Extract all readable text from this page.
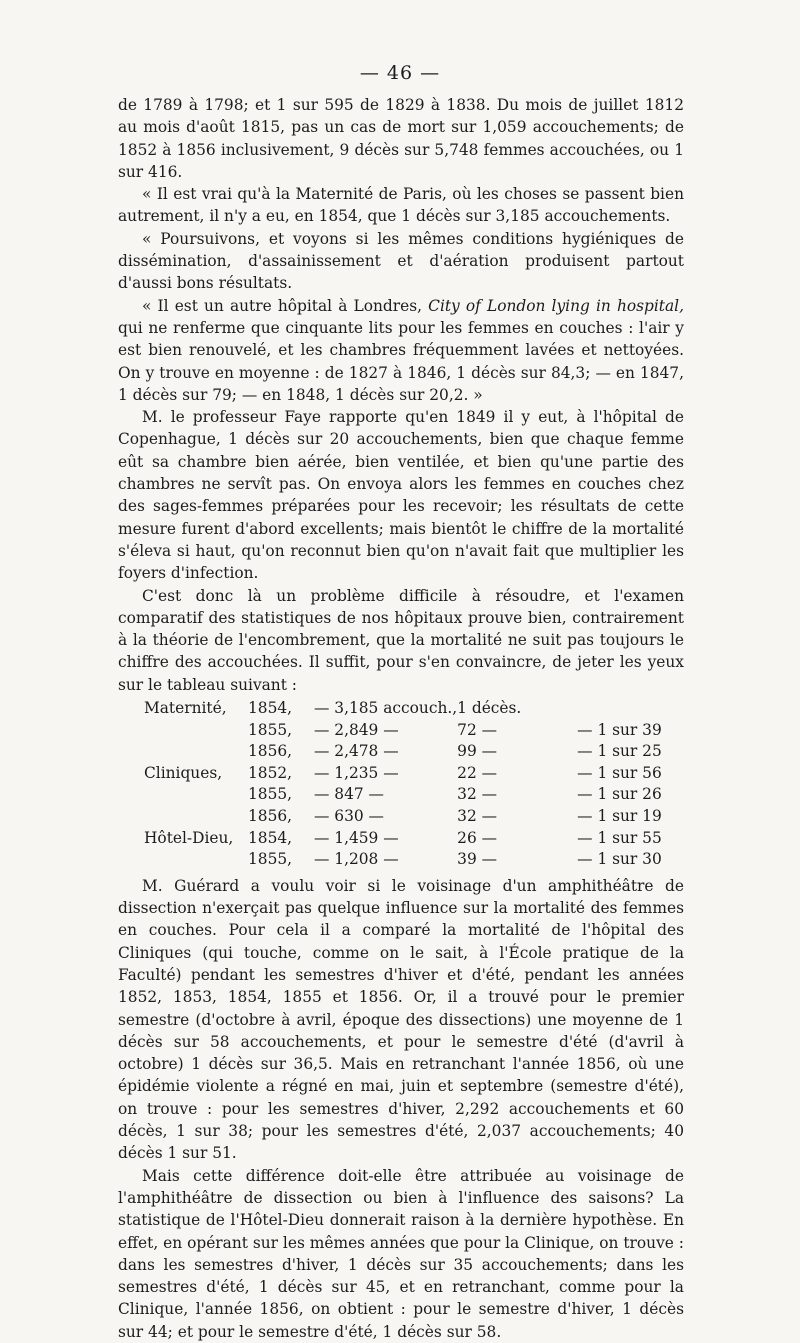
— 46 —

de 1789 à 1798; et 1 sur 595 de 1829 à 1838. Du mois de juillet 1812 au mois d'août 1815, pas un cas de mort sur 1,059 accouchements; de 1852 à 1856 inclusivement, 9 décès sur 5,748 femmes accouchées, ou 1 sur 416.

« Il est vrai qu'à la Maternité de Paris, où les choses se passent bien autrement, il n'y a eu, en 1854, que 1 décès sur 3,185 accouchements.

« Poursuivons, et voyons si les mêmes conditions hygiéniques de dissémination, d'assainissement et d'aération produisent partout d'aussi bons résultats.

« Il est un autre hôpital à Londres, City of London lying in hospital, qui ne renferme que cinquante lits pour les femmes en couches : l'air y est bien renouvelé, et les chambres fréquemment lavées et nettoyées. On y trouve en moyenne : de 1827 à 1846, 1 décès sur 84,3; — en 1847, 1 décès sur 79; — en 1848, 1 décès sur 20,2. »

M. le professeur Faye rapporte qu'en 1849 il y eut, à l'hôpital de Copenhague, 1 décès sur 20 accouchements, bien que chaque femme eût sa chambre bien aérée, bien ventilée, et bien qu'une partie des chambres ne servît pas. On envoya alors les femmes en couches chez des sages-femmes préparées pour les recevoir; les résultats de cette mesure furent d'abord excellents; mais bientôt le chiffre de la mortalité s'éleva si haut, qu'on reconnut bien qu'on n'avait fait que multiplier les foyers d'infection.

C'est donc là un problème difficile à résoudre, et l'examen comparatif des statistiques de nos hôpitaux prouve bien, contrairement à la théorie de l'encombrement, que la mortalité ne suit pas toujours le chiffre des accouchées. Il suffit, pour s'en convaincre, de jeter les yeux sur le tableau suivant :

Maternité,	1854,	— 3,185 accouch.,	1 décès.	
	1855,	— 2,849 —	72 —	— 1 sur 39
	1856,	— 2,478 —	99 —	— 1 sur 25
Cliniques,	1852,	— 1,235 —	22 —	— 1 sur 56
	1855,	— 847 —	32 —	— 1 sur 26
	1856,	— 630 —	32 —	— 1 sur 19
Hôtel-Dieu,	1854,	— 1,459 —	26 —	— 1 sur 55
	1855,	— 1,208 —	39 —	— 1 sur 30

M. Guérard a voulu voir si le voisinage d'un amphithéâtre de dissection n'exerçait pas quelque influence sur la mortalité des femmes en couches. Pour cela il a comparé la mortalité de l'hôpital des Cliniques (qui touche, comme on le sait, à l'École pratique de la Faculté) pendant les semestres d'hiver et d'été, pendant les années 1852, 1853, 1854, 1855 et 1856. Or, il a trouvé pour le premier semestre (d'octobre à avril, époque des dissections) une moyenne de 1 décès sur 58 accouchements, et pour le semestre d'été (d'avril à octobre) 1 décès sur 36,5. Mais en retranchant l'année 1856, où une épidémie violente a régné en mai, juin et septembre (semestre d'été), on trouve : pour les semestres d'hiver, 2,292 accouchements et 60 décès, 1 sur 38; pour les semestres d'été, 2,037 accouchements; 40 décès 1 sur 51.

Mais cette différence doit-elle être attribuée au voisinage de l'amphithéâtre de dissection ou bien à l'influence des saisons? La statistique de l'Hôtel-Dieu donnerait raison à la dernière hypothèse. En effet, en opérant sur les mêmes années que pour la Clinique, on trouve : dans les semestres d'hiver, 1 décès sur 35 accouchements; dans les semestres d'été, 1 décès sur 45, et en retranchant, comme pour la Clinique, l'année 1856, on obtient : pour le semestre d'hiver, 1 décès sur 44; et pour le semestre d'été, 1 décès sur 58.
